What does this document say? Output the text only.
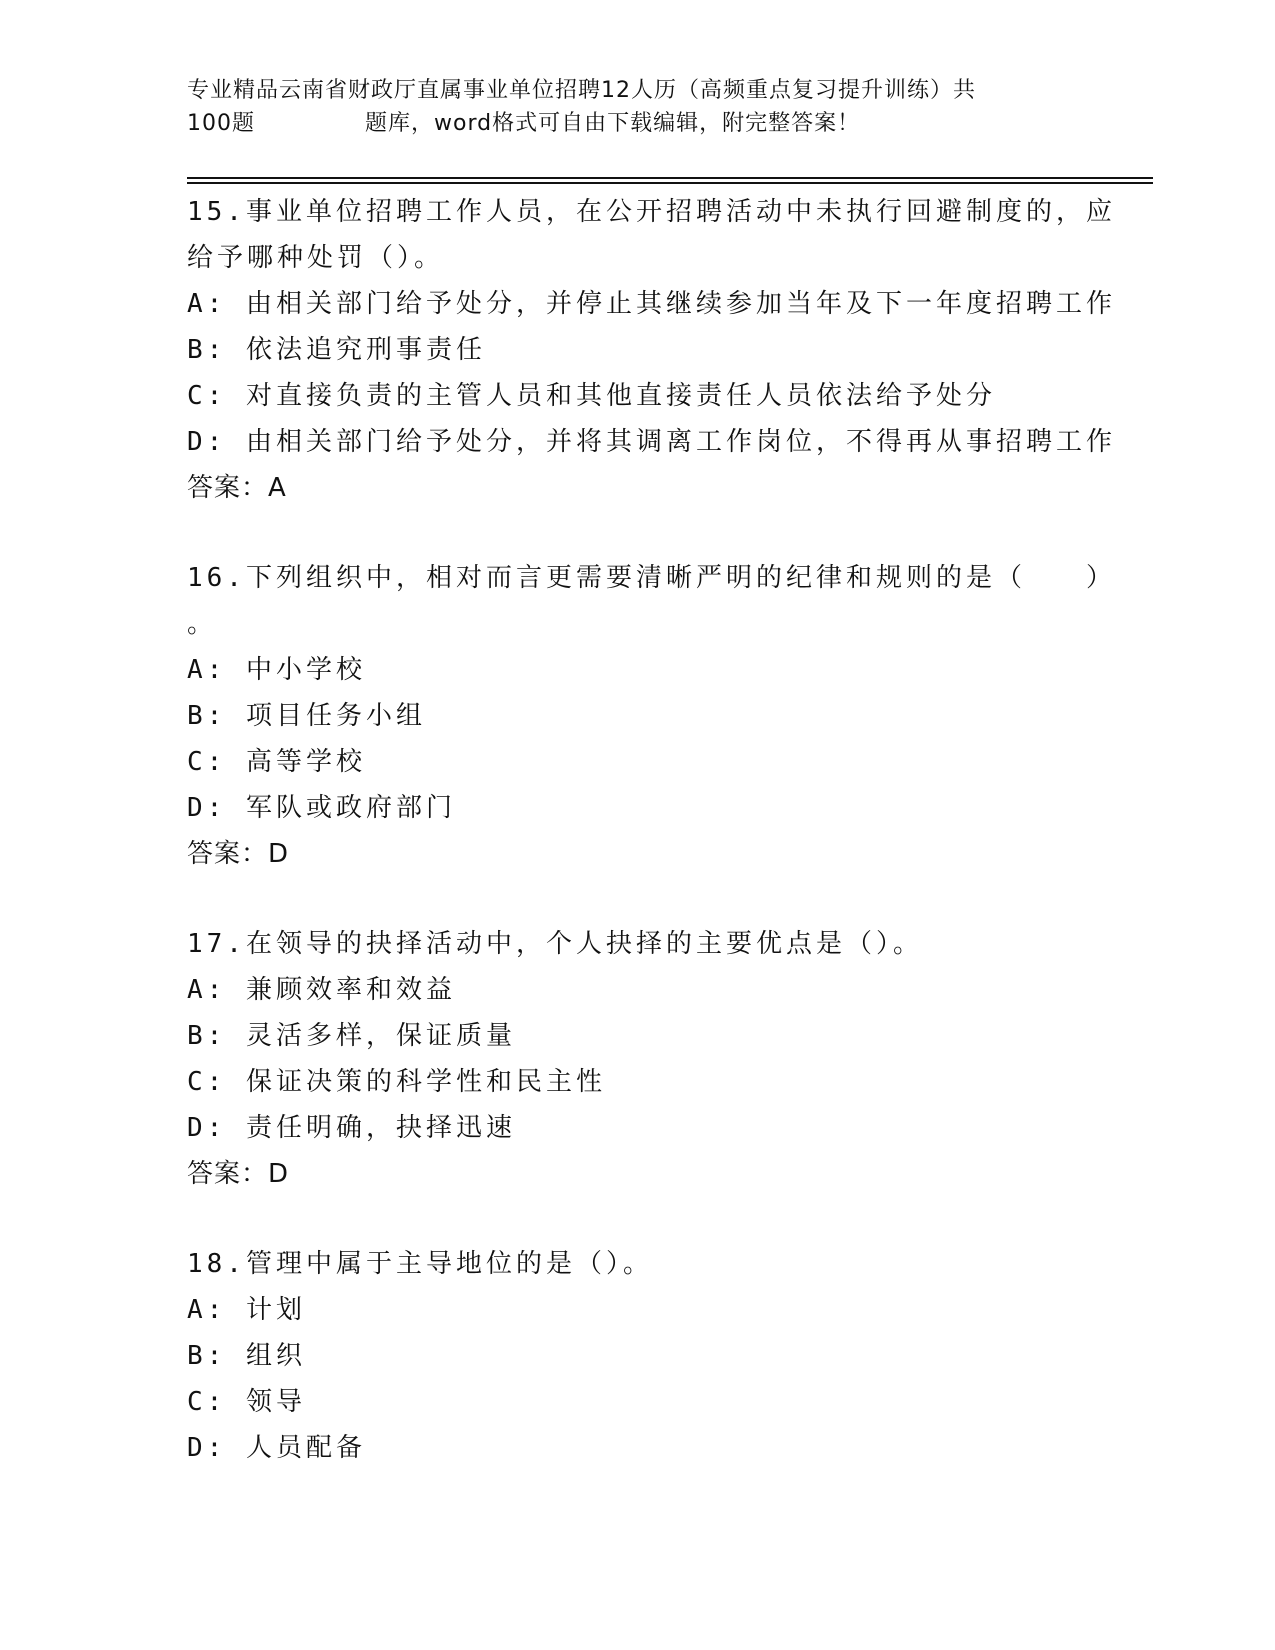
专业精品云南省财政厅直属事业单位招聘12人历（高频重点复习提升训练）共
100题	题库，word格式可自由下载编辑，附完整答案！
15.事业单位招聘工作人员，在公开招聘活动中未执行回避制度的，应
给予哪种处罚（）。
A: 由相关部门给予处分，并停止其继续参加当年及下一年度招聘工作
B: 依法追究刑事责任
C: 对直接负责的主管人员和其他直接责任人员依法给予处分
D: 由相关部门给予处分，并将其调离工作岗位，不得再从事招聘工作
答案：A
16.下列组织中，相对而言更需要清晰严明的纪律和规则的是（　　）
。
A: 中小学校
B: 项目任务小组
C: 高等学校
D: 军队或政府部门
答案：D
17.在领导的抉择活动中，个人抉择的主要优点是（）。
A: 兼顾效率和效益
B: 灵活多样，保证质量
C: 保证决策的科学性和民主性
D: 责任明确，抉择迅速
答案：D
18.管理中属于主导地位的是（）。
A: 计划
B: 组织
C: 领导
D: 人员配备
